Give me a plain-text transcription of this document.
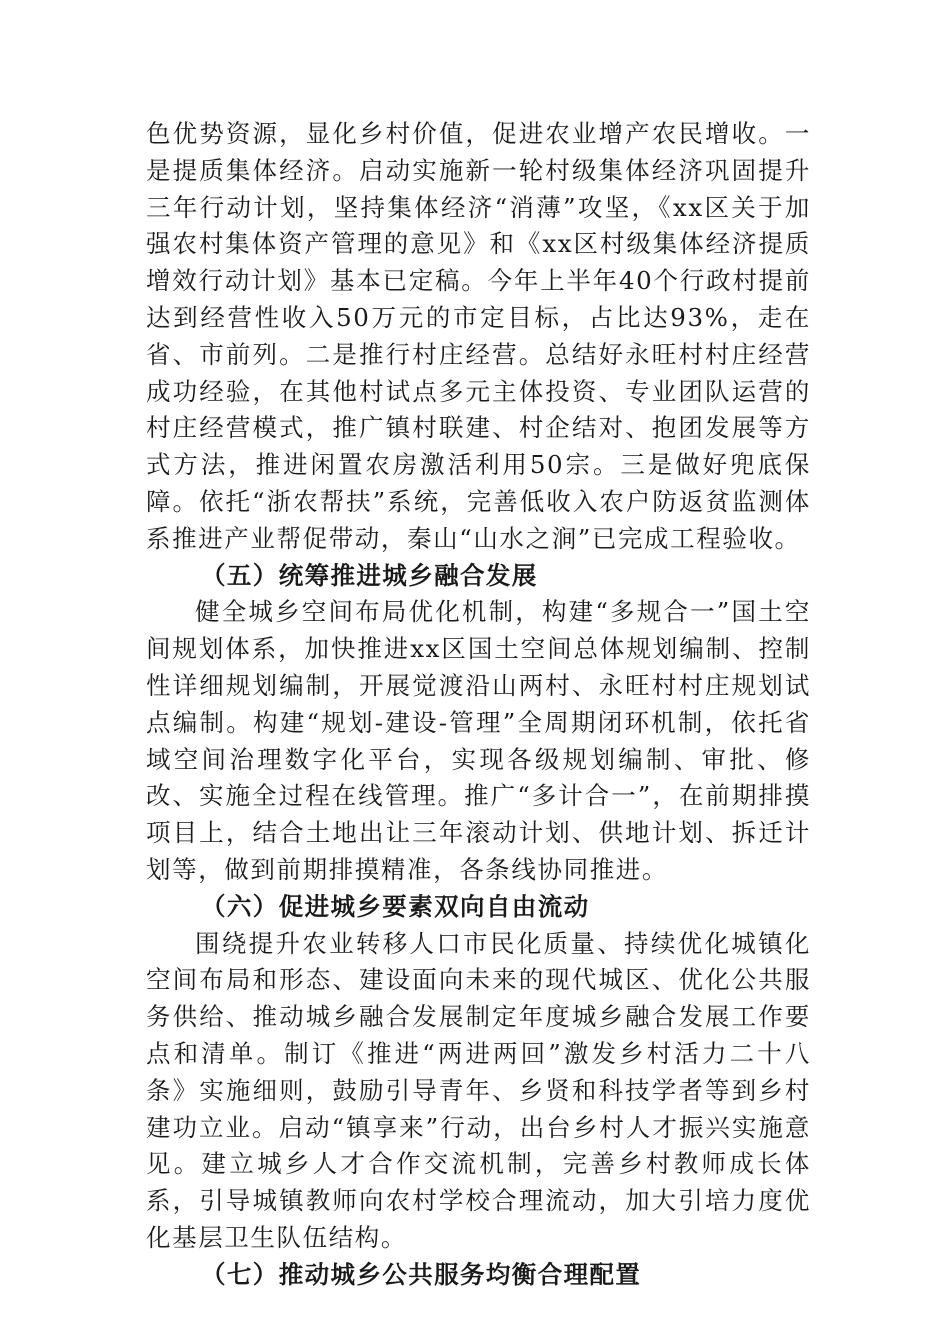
色优势资源，显化乡村价值，促进农业增产农民增收。一是提质集体经济。启动实施新一轮村级集体经济巩固提升三年行动计划，坚持集体经济“消薄”攻坚，《xx区关于加强农村集体资产管理的意见》和《xx区村级集体经济提质增效行动计划》基本已定稿。今年上半年40个行政村提前达到经营性收入50万元的市定目标，占比达93%，走在省、市前列。二是推行村庄经营。总结好永旺村村庄经营成功经验，在其他村试点多元主体投资、专业团队运营的村庄经营模式，推广镇村联建、村企结对、抱团发展等方式方法，推进闲置农房激活利用50宗。三是做好兜底保障。依托“浙农帮扶”系统，完善低收入农户防返贫监测体系推进产业帮促带动，秦山“山水之涧”已完成工程验收。

（五）统筹推进城乡融合发展

健全城乡空间布局优化机制，构建“多规合一”国土空间规划体系，加快推进xx区国土空间总体规划编制、控制性详细规划编制，开展觉渡沿山两村、永旺村村庄规划试点编制。构建“规划-建设-管理”全周期闭环机制，依托省域空间治理数字化平台，实现各级规划编制、审批、修改、实施全过程在线管理。推广“多计合一”，在前期排摸项目上，结合土地出让三年滚动计划、供地计划、拆迁计划等，做到前期排摸精准，各条线协同推进。

（六）促进城乡要素双向自由流动

围绕提升农业转移人口市民化质量、持续优化城镇化空间布局和形态、建设面向未来的现代城区、优化公共服务供给、推动城乡融合发展制定年度城乡融合发展工作要点和清单。制订《推进“两进两回”激发乡村活力二十八条》实施细则，鼓励引导青年、乡贤和科技学者等到乡村建功立业。启动“镇享来”行动，出台乡村人才振兴实施意见。建立城乡人才合作交流机制，完善乡村教师成长体系，引导城镇教师向农村学校合理流动，加大引培力度优化基层卫生队伍结构。

（七）推动城乡公共服务均衡合理配置
